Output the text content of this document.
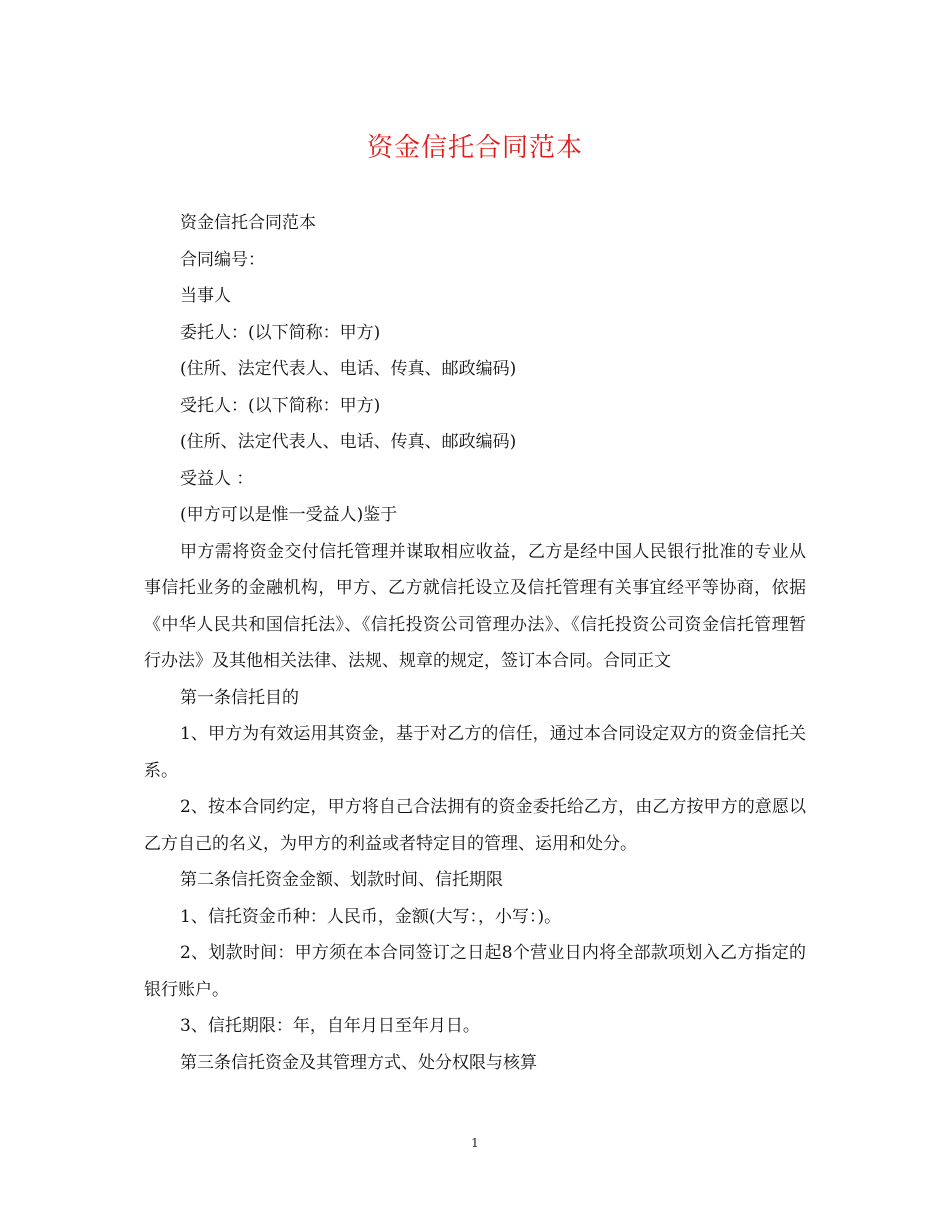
资金信托合同范本

资金信托合同范本

合同编号：

当事人

委托人：(以下简称：甲方)

(住所、法定代表人、电话、传真、邮政编码)

受托人：(以下简称：甲方)

(住所、法定代表人、电话、传真、邮政编码)

受益人 ：

(甲方可以是惟一受益人)鉴于

甲方需将资金交付信托管理并谋取相应收益，乙方是经中国人民银行批准的专业从事信托业务的金融机构，甲方、乙方就信托设立及信托管理有关事宜经平等协商，依据《中华人民共和国信托法》、《信托投资公司管理办法》、《信托投资公司资金信托管理暂行办法》及其他相关法律、法规、规章的规定，签订本合同。合同正文

第一条信托目的

1、甲方为有效运用其资金，基于对乙方的信任，通过本合同设定双方的资金信托关系。

2、按本合同约定，甲方将自己合法拥有的资金委托给乙方，由乙方按甲方的意愿以乙方自己的名义，为甲方的利益或者特定目的管理、运用和处分。

第二条信托资金金额、划款时间、信托期限

1、信托资金币种：人民币，金额(大写：，小写：)。

2、划款时间：甲方须在本合同签订之日起8个营业日内将全部款项划入乙方指定的银行账户。

3、信托期限：年，自年月日至年月日。

第三条信托资金及其管理方式、处分权限与核算

1
